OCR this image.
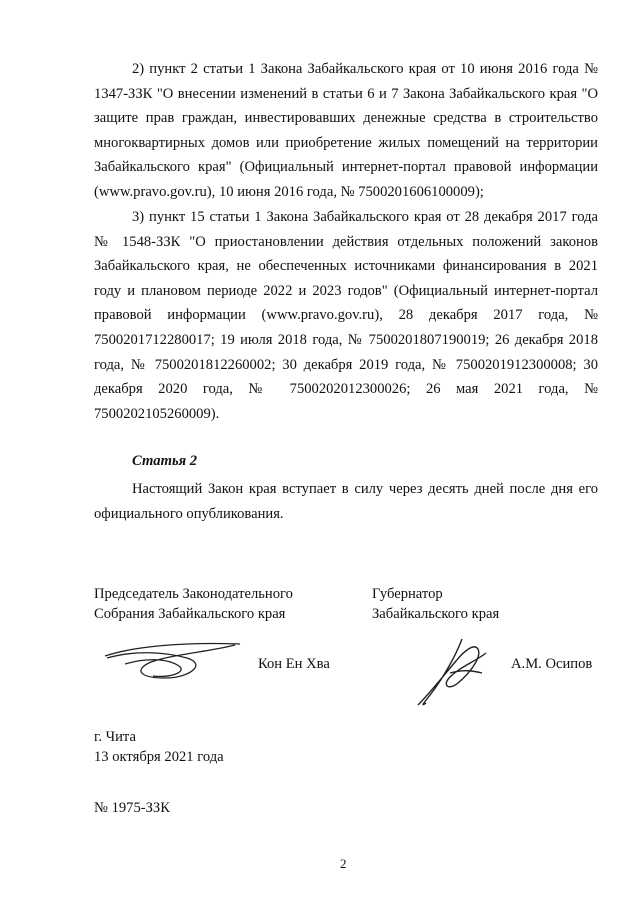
2) пункт 2 статьи 1 Закона Забайкальского края от 10 июня 2016 года № 1347-ЗЗК "О внесении изменений в статьи 6 и 7 Закона Забайкальского края "О защите прав граждан, инвестировавших денежные средства в строительство многоквартирных домов или приобретение жилых помещений на территории Забайкальского края" (Официальный интернет-портал правовой информации (www.pravo.gov.ru), 10 июня 2016 года, № 7500201606100009);
3) пункт 15 статьи 1 Закона Забайкальского края от 28 декабря 2017 года № 1548-ЗЗК "О приостановлении действия отдельных положений законов Забайкальского края, не обеспеченных источниками финансирования в 2021 году и плановом периоде 2022 и 2023 годов" (Официальный интернет-портал правовой информации (www.pravo.gov.ru), 28 декабря 2017 года, № 7500201712280017; 19 июля 2018 года, № 7500201807190019; 26 декабря 2018 года, № 7500201812260002; 30 декабря 2019 года, № 7500201912300008; 30 декабря 2020 года, № 7500202012300026; 26 мая 2021 года, № 7500202105260009).
Статья 2
Настоящий Закон края вступает в силу через десять дней после дня его официального опубликования.
Председатель Законодательного
Собрания Забайкальского края
Губернатор
Забайкальского края
Кон Ен Хва	А.М. Осипов
г. Чита
13 октября 2021 года
№ 1975-ЗЗК
2
